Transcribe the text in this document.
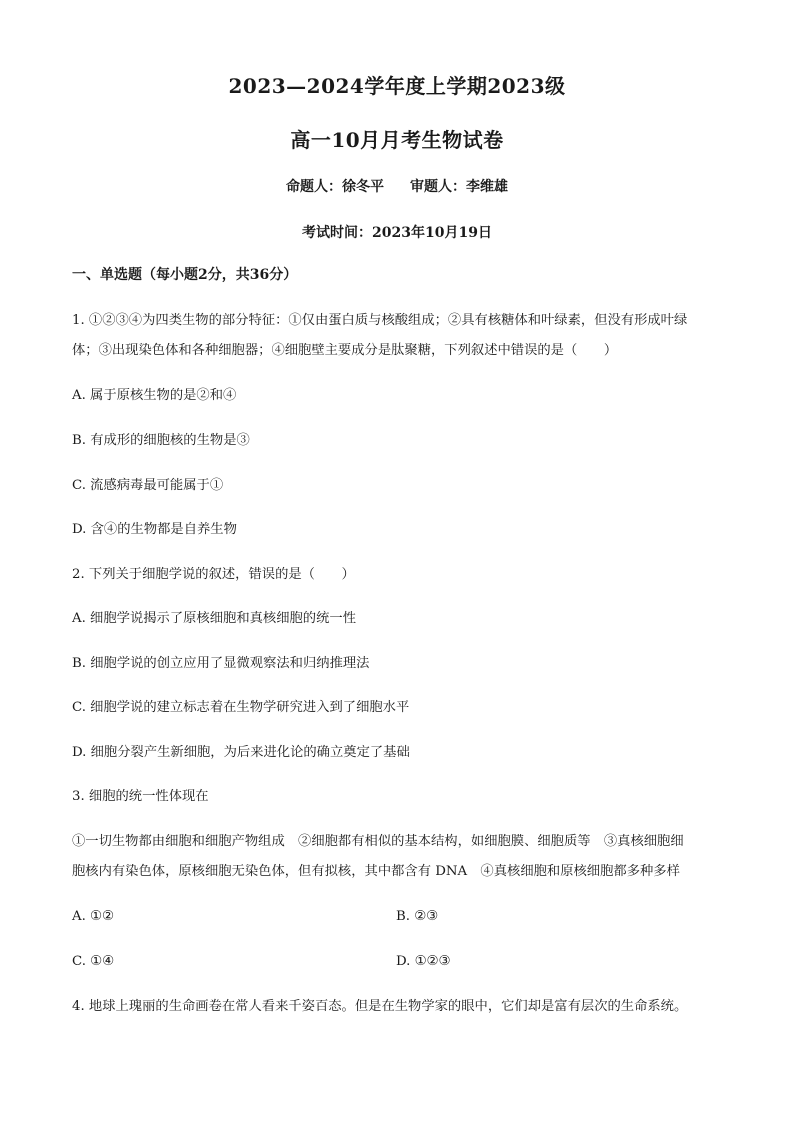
2023—2024学年度上学期2023级
高一10月月考生物试卷
命题人：徐冬平 审题人：李维雄
考试时间：2023年10月19日
一、单选题（每小题2分，共36分）
1. ①②③④为四类生物的部分特征：①仅由蛋白质与核酸组成；②具有核糖体和叶绿素，但没有形成叶绿
体；③出现染色体和各种细胞器；④细胞壁主要成分是肽聚糖，下列叙述中错误的是（　　）
A. 属于原核生物的是②和④
B. 有成形的细胞核的生物是③
C. 流感病毒最可能属于①
D. 含④的生物都是自养生物
2. 下列关于细胞学说的叙述，错误的是（　　）
A. 细胞学说揭示了原核细胞和真核细胞的统一性
B. 细胞学说的创立应用了显微观察法和归纳推理法
C. 细胞学说的建立标志着在生物学研究进入到了细胞水平
D. 细胞分裂产生新细胞，为后来进化论的确立奠定了基础
3. 细胞的统一性体现在
①一切生物都由细胞和细胞产物组成　②细胞都有相似的基本结构，如细胞膜、细胞质等　③真核细胞细
胞核内有染色体，原核细胞无染色体，但有拟核，其中都含有 DNA　④真核细胞和原核细胞都多种多样
A. ①②	B. ②③
C. ①④	D. ①②③
4. 地球上瑰丽的生命画卷在常人看来千姿百态。但是在生物学家的眼中，它们却是富有层次的生命系统。
